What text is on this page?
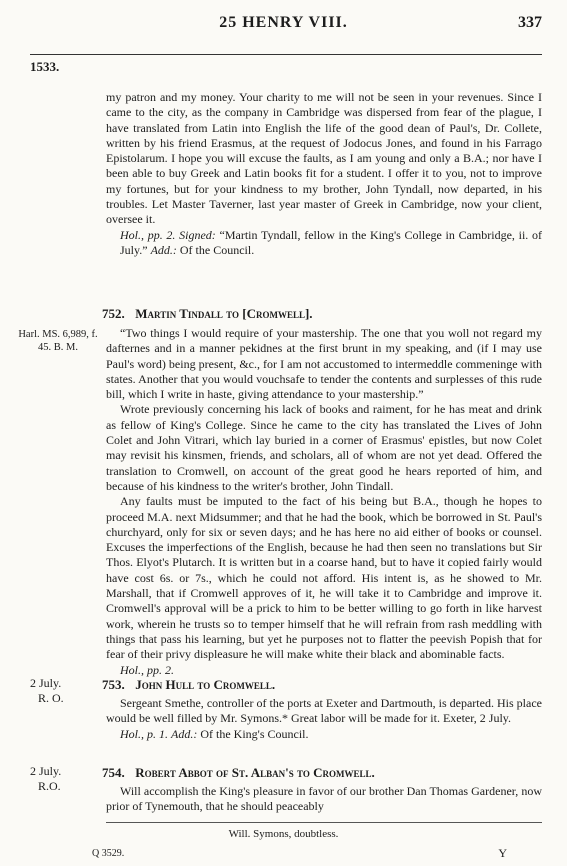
25 HENRY VIII.	337
1533.

my patron and my money. Your charity to me will not be seen in your revenues. Since I came to the city, as the company in Cambridge was dispersed from fear of the plague, I have translated from Latin into English the life of the good dean of Paul's, Dr. Collete, written by his friend Erasmus, at the request of Jodocus Jones, and found in his Farrago Epistolarum. I hope you will excuse the faults, as I am young and only a B.A.; nor have I been able to buy Greek and Latin books fit for a student. I offer it to you, not to improve my fortunes, but for your kindness to my brother, John Tyndall, now departed, in his troubles. Let Master Taverner, last year master of Greek in Cambridge, now your client, oversee it.

Hol., pp. 2. Signed: “Martin Tyndall, fellow in the King's College in Cambridge, ii. of July.” Add.: Of the Council.
752. Martin Tindall to [Cromwell].
Harl. MS. 6,989, f. 45. B. M.

“Two things I would require of your mastership. The one that you woll not regard my dafternes and in a manner pekidnes at the first brunt in my speaking, and (if I may use Paul's word) being present, &c., for I am not accustomed to intermeddle commeninge with states. Another that you would vouchsafe to tender the contents and surplesses of this rude bill, which I write in haste, giving attendance to your mastership.”

Wrote previously concerning his lack of books and raiment, for he has meat and drink as fellow of King's College. Since he came to the city has translated the Lives of John Colet and John Vitrari, which lay buried in a corner of Erasmus' epistles, but now Colet may revisit his kinsmen, friends, and scholars, all of whom are not yet dead. Offered the translation to Cromwell, on account of the great good he hears reported of him, and because of his kindness to the writer's brother, John Tindall.

Any faults must be imputed to the fact of his being but B.A., though he hopes to proceed M.A. next Midsummer; and that he had the book, which be borrowed in St. Paul's churchyard, only for six or seven days; and he has here no aid either of books or counsel. Excuses the imperfections of the English, because he had then seen no translations but Sir Thos. Elyot's Plutarch. It is written but in a coarse hand, but to have it copied fairly would have cost 6s. or 7s., which he could not afford. His intent is, as he showed to Mr. Marshall, that if Cromwell approves of it, he will take it to Cambridge and improve it. Cromwell's approval will be a prick to him to be better willing to go forth in like harvest work, wherein he trusts so to temper himself that he will refrain from rash meddling with things that pass his learning, but yet he purposes not to flatter the peevish Popish that for fear of their privy displeasure he will make white their black and abominable facts.

Hol., pp. 2.
2 July.
R. O.
753. John Hull to Cromwell.

Sergeant Smethe, controller of the ports at Exeter and Dartmouth, is departed. His place would be well filled by Mr. Symons.* Great labor will be made for it. Exeter, 2 July.

Hol., p. 1. Add.: Of the King's Council.
2 July.
R.O.
754. Robert Abbot of St. Alban's to Cromwell.

Will accomplish the King's pleasure in favor of our brother Dan Thomas Gardener, now prior of Tynemouth, that he should peaceably

Will. Symons, doubtless.
Q 3529.	Y
